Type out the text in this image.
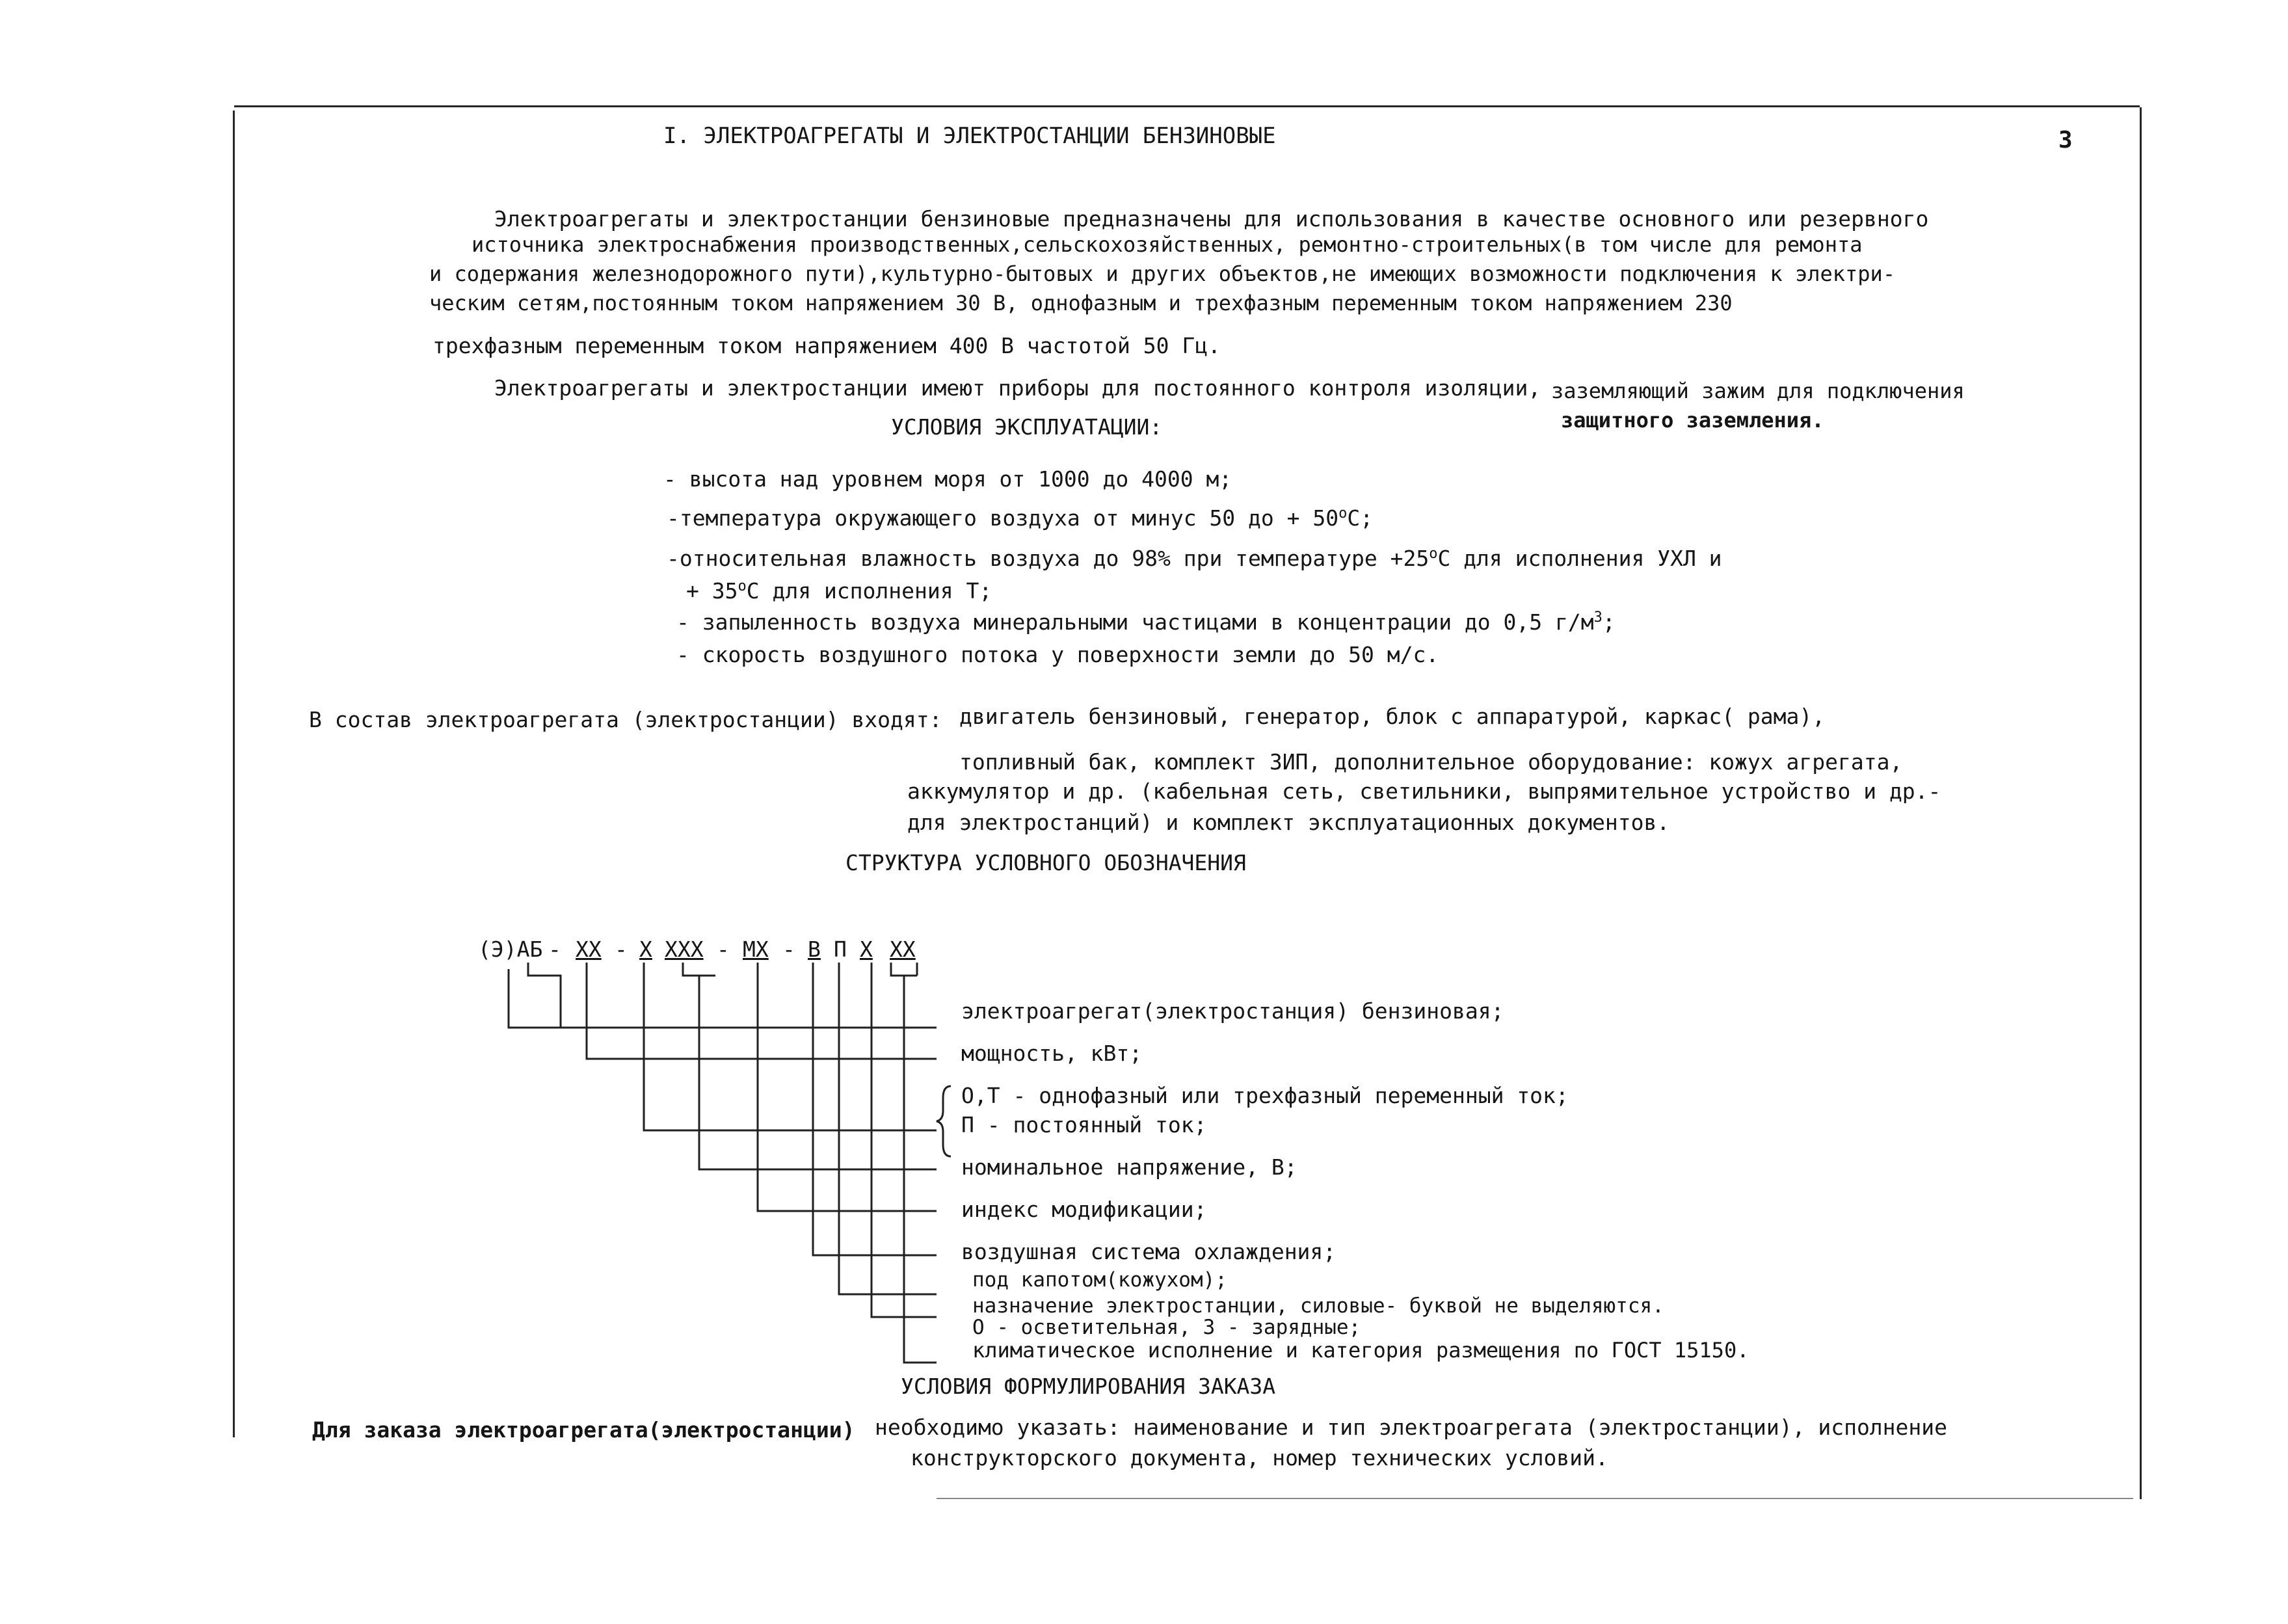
I. ЭЛЕКТРОАГРЕГАТЫ И ЭЛЕКТРОСТАНЦИИ БЕНЗИНОВЫЕ	3
Электроагрегаты и электростанции бензиновые предназначены для использования в качестве основного или резервного
источника электроснабжения производственных,сельскохозяйственных, ремонтно-строительных(в том числе для ремонта
и содержания железнодорожного пути),культурно-бытовых и других объектов,не имеющих возможности подключения к электри-
ческим сетям,постоянным током напряжением 30 В, однофазным и трехфазным переменным током напряжением 230
трехфазным переменным током напряжением 400 В частотой 50 Гц.
Электроагрегаты и электростанции имеют приборы для постоянного контроля изоляции, заземляющий зажим для подключения
защитного заземления.
УСЛОВИЯ ЭКСПЛУАТАЦИИ:
- высота над уровнем моря от 1000 до 4000 м;
-температура окружающего воздуха от минус 50 до + $50^оС$;
-относительная влажность воздуха до 98% при температуре $+25^оС$ для исполнения УХЛ и
+ $35^оС$ для исполнения Т;
- запыленность воздуха минеральными частицами в концентрации до 0,5 $г/м^3$;
- скорость воздушного потока у поверхности земли до 50 м/с.
В состав электроагрегата (электростанции) входят: двигатель бензиновый, генератор, блок с аппаратурой, каркас( рама),
топливный бак, комплект ЗИП, дополнительное оборудование: кожух агрегата,
аккумулятор и др. (кабельная сеть, светильники, выпрямительное устройство и др.-
для электростанций) и комплект эксплуатационных документов.
СТРУКТУРА УСЛОВНОГО ОБОЗНАЧЕНИЯ
(Э)АБ - XX - X XXX - MX - В П X XX
электроагрегат(электростанция) бензиновая;
мощность, кВт;
О,Т - однофазный или трехфазный переменный ток;
П - постоянный ток;
номинальное напряжение, В;
индекс модификации;
воздушная система охлаждения;
под капотом(кожухом);
назначение электростанции, силовые- буквой не выделяются.
О - осветительная, З - зарядные;
климатическое исполнение и категория размещения по ГОСТ 15150.
УСЛОВИЯ ФОРМУЛИРОВАНИЯ ЗАКАЗА
Для заказа электроагрегата(электростанции) необходимо указать: наименование и тип электроагрегата (электростанции), исполнение
конструкторского документа, номер технических условий.
